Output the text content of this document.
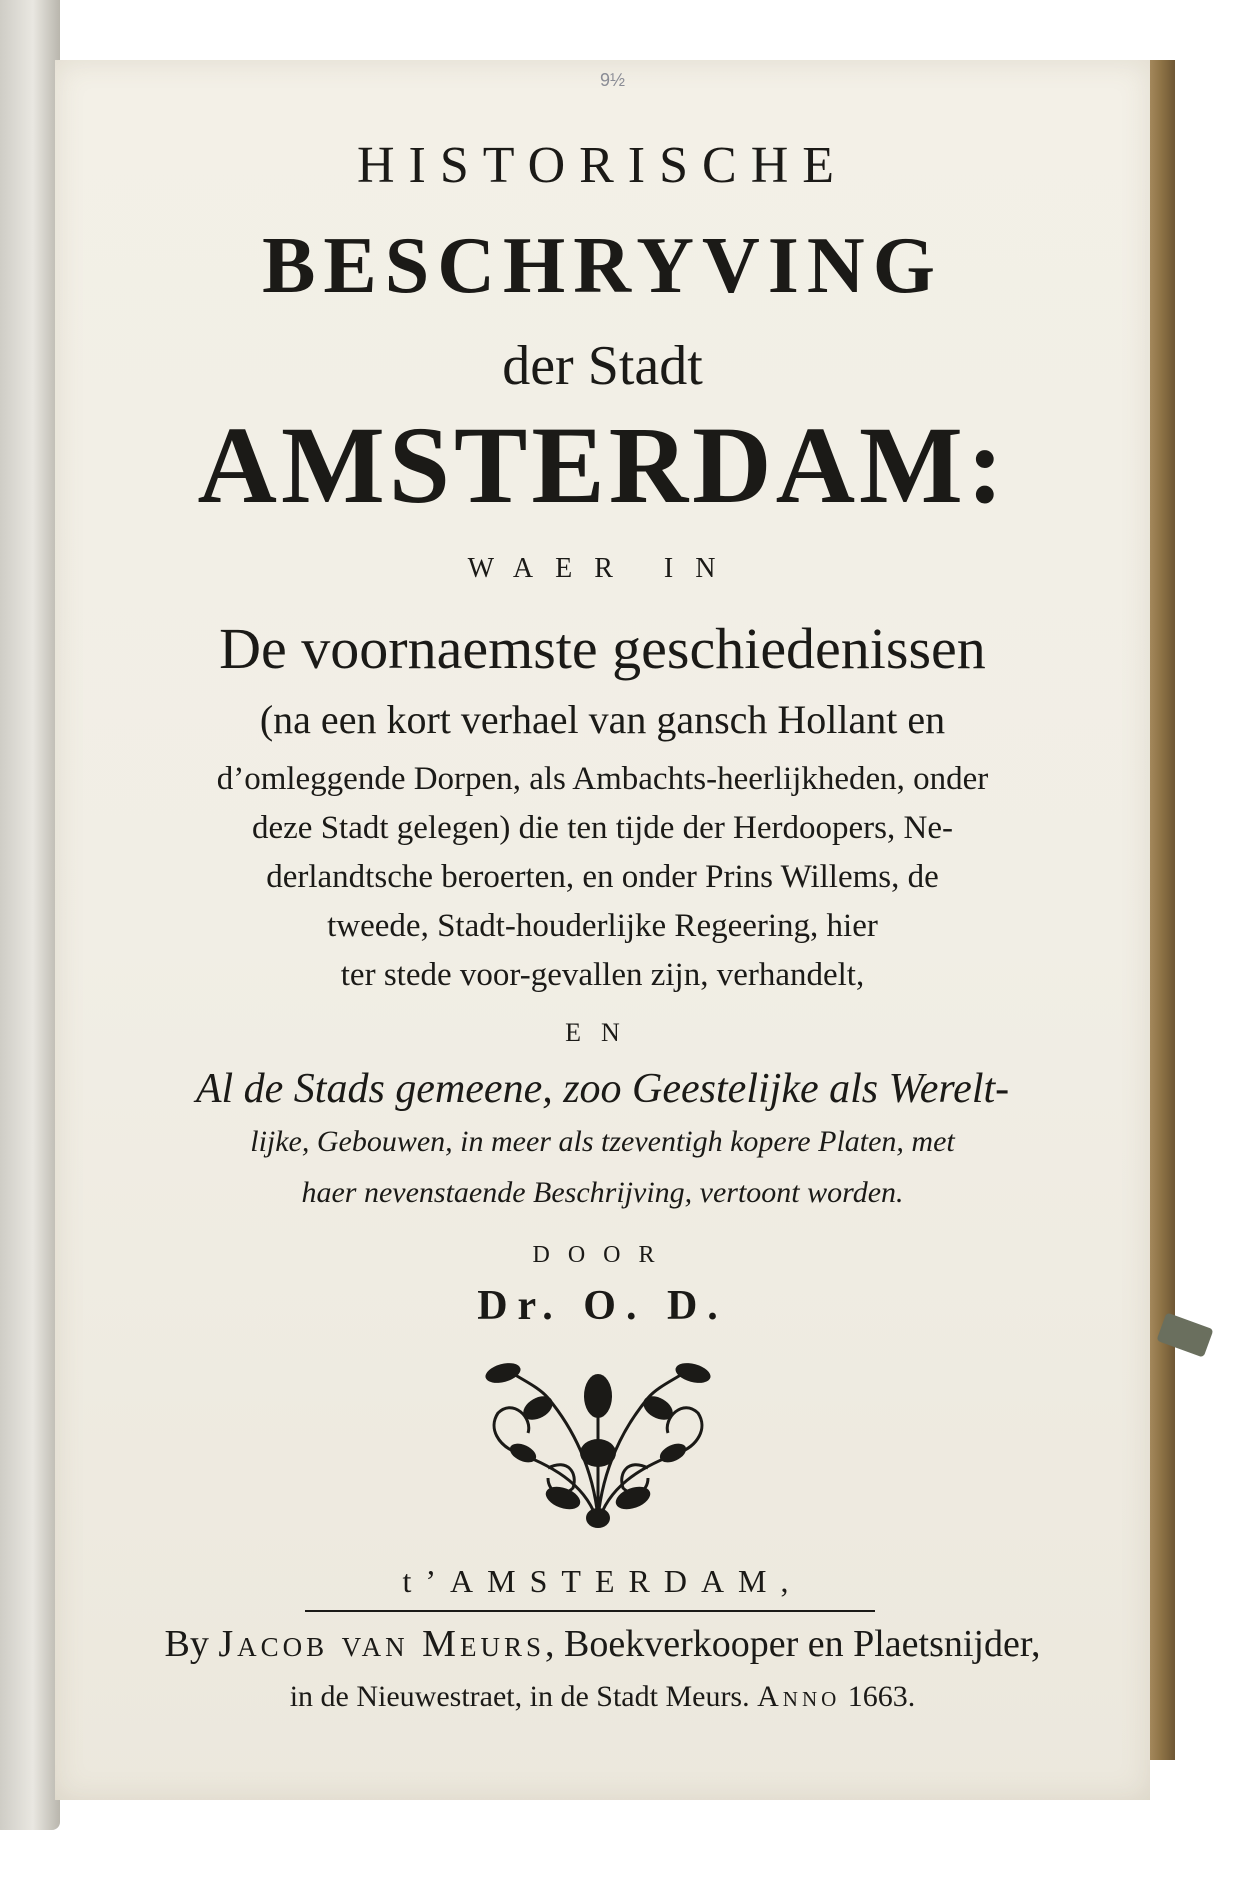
9½
HISTORISCHE
BESCHRYVING
der Stadt
AMSTERDAM:
WAER IN
De voornaemste geschiedenissen
(na een kort verhael van gansch Hollant en
d’omleggende Dorpen, als Ambachts-heerlijkheden, onder
deze Stadt gelegen) die ten tijde der Herdoopers, Ne-
derlandtsche beroerten, en onder Prins Willems, de
tweede, Stadt-houderlijke Regeering, hier
ter stede voor-gevallen zijn, verhandelt,
EN
Al de Stads gemeene, zoo Geestelijke als Werelt-
lijke, Gebouwen, in meer als tzeventigh kopere Platen, met
haer nevenstaende Beschrijving, vertoont worden.
DOOR
Dr. O. D.
t’AMSTERDAM,
By Jacob van Meurs, Boekverkooper en Plaetsnijder,
in de Nieuwestraet, in de Stadt Meurs. Anno 1663.
